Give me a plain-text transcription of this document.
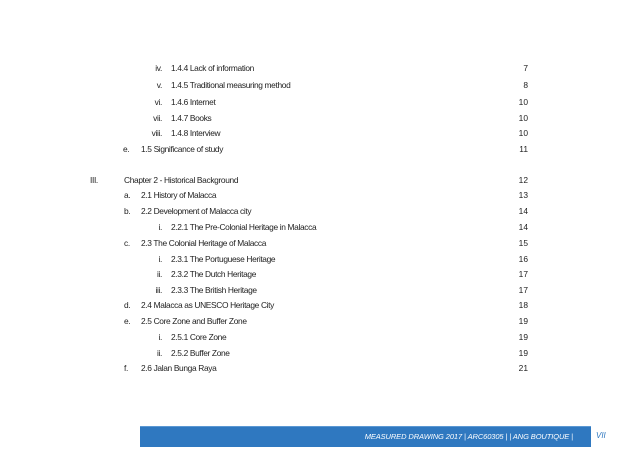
iv. 1.4.4 Lack of information	7
v. 1.4.5 Traditional measuring method	8
vi. 1.4.6 Internet	10
vii. 1.4.7 Books	10
viii. 1.4.8 Interview	10
e. 1.5 Significance of study	11
III.	Chapter 2 - Historical Background	12
a. 2.1 History of Malacca	13
b. 2.2 Development of Malacca city	14
i. 2.2.1 The Pre-Colonial Heritage in Malacca	14
c. 2.3 The Colonial Heritage of Malacca	15
i. 2.3.1 The Portuguese Heritage	16
ii. 2.3.2 The Dutch Heritage	17
iii. 2.3.3 The British Heritage	17
d. 2.4 Malacca as UNESCO Heritage City	18
e. 2.5 Core Zone and Buffer Zone	19
i. 2.5.1 Core Zone	19
ii. 2.5.2 Buffer Zone	19
f. 2.6 Jalan Bunga Raya	21
MEASURED DRAWING 2017 | ARC60305 | | ANG BOUTIQUE |	VII
